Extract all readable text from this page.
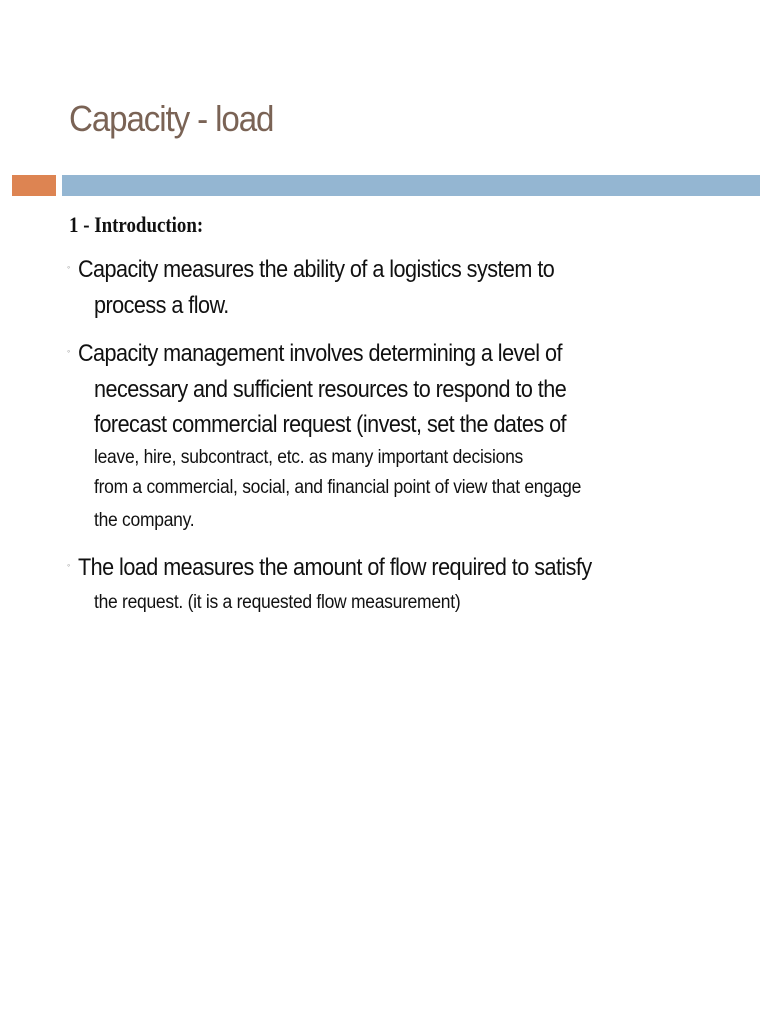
Capacity - load
1 - Introduction:
◦ Capacity measures the ability of a logistics system to
process a flow.
◦ Capacity management involves determining a level of
necessary and sufficient resources to respond to the
forecast commercial request (invest, set the dates of
leave, hire, subcontract, etc. as many important decisions
from a commercial, social, and financial point of view that engage
the company.
◦ The load measures the amount of flow required to satisfy
the request. (it is a requested flow measurement)
